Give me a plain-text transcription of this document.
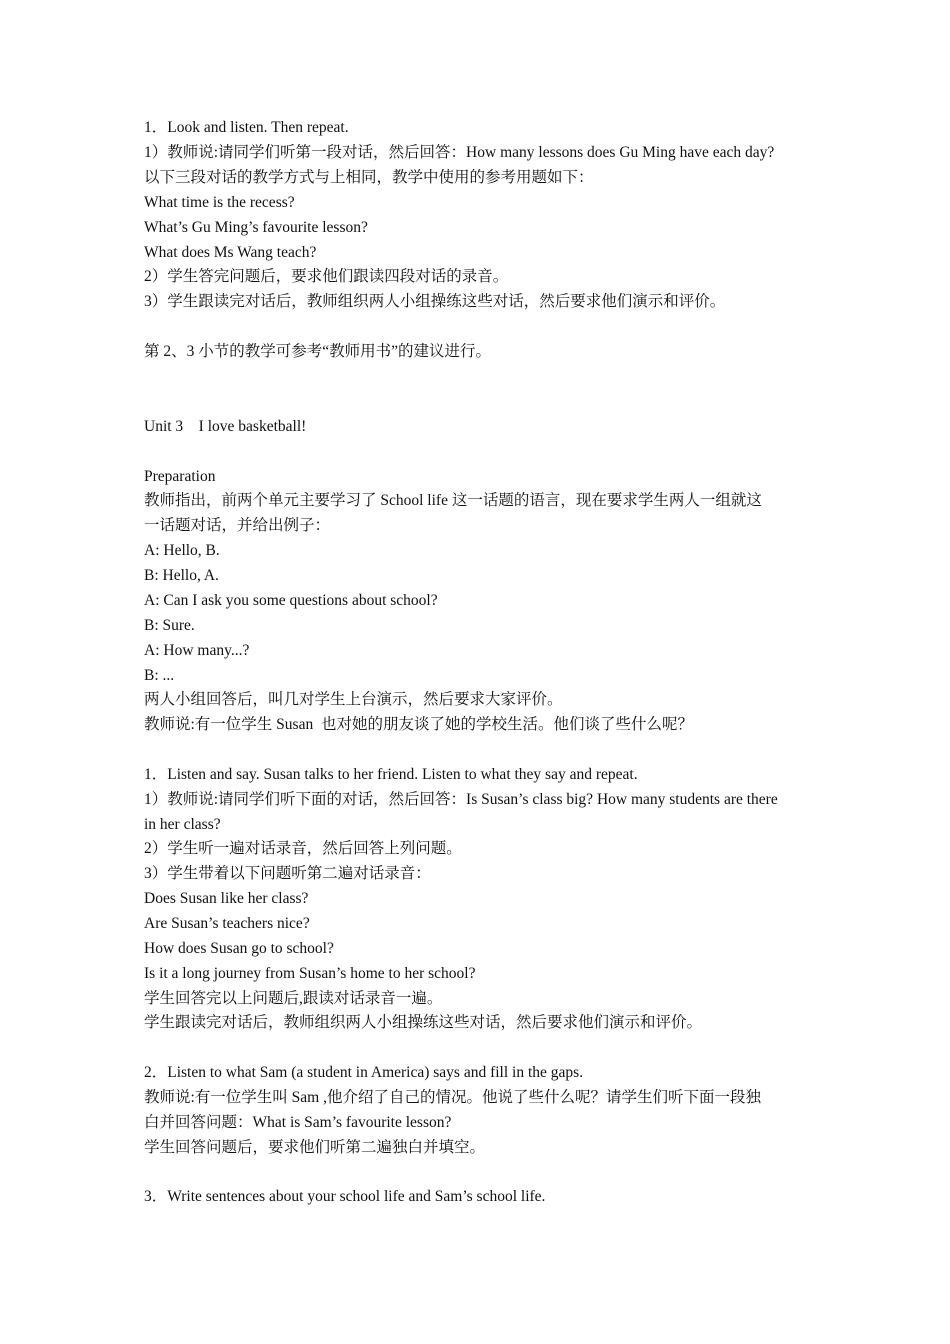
1．Look and listen. Then repeat.
1）教师说:请同学们听第一段对话，然后回答：How many lessons does Gu Ming have each day?
以下三段对话的教学方式与上相同，教学中使用的参考用题如下：
What time is the recess?
What’s Gu Ming’s favourite lesson?
What does Ms Wang teach?
2）学生答完问题后，要求他们跟读四段对话的录音。
3）学生跟读完对话后，教师组织两人小组操练这些对话，然后要求他们演示和评价。
第 2、3 小节的教学可参考“教师用书”的建议进行。
Unit 3    I love basketball!
Preparation
教师指出，前两个单元主要学习了 School life 这一话题的语言，现在要求学生两人一组就这
一话题对话，并给出例子：
A: Hello, B.
B: Hello, A.
A: Can I ask you some questions about school?
B: Sure.
A: How many...?
B: ...
两人小组回答后，叫几对学生上台演示，然后要求大家评价。
教师说:有一位学生 Susan  也对她的朋友谈了她的学校生活。他们谈了些什么呢？
1．Listen and say. Susan talks to her friend. Listen to what they say and repeat.
1）教师说:请同学们听下面的对话，然后回答：Is Susan’s class big? How many students are there
in her class?
2）学生听一遍对话录音，然后回答上列问题。
3）学生带着以下问题听第二遍对话录音：
Does Susan like her class?
Are Susan’s teachers nice?
How does Susan go to school?
Is it a long journey from Susan’s home to her school?
学生回答完以上问题后,跟读对话录音一遍。
学生跟读完对话后，教师组织两人小组操练这些对话，然后要求他们演示和评价。
2．Listen to what Sam (a student in America) says and fill in the gaps.
教师说:有一位学生叫 Sam ,他介绍了自己的情况。他说了些什么呢？请学生们听下面一段独
白并回答问题：What is Sam’s favourite lesson?
学生回答问题后，要求他们听第二遍独白并填空。
3．Write sentences about your school life and Sam’s school life.
